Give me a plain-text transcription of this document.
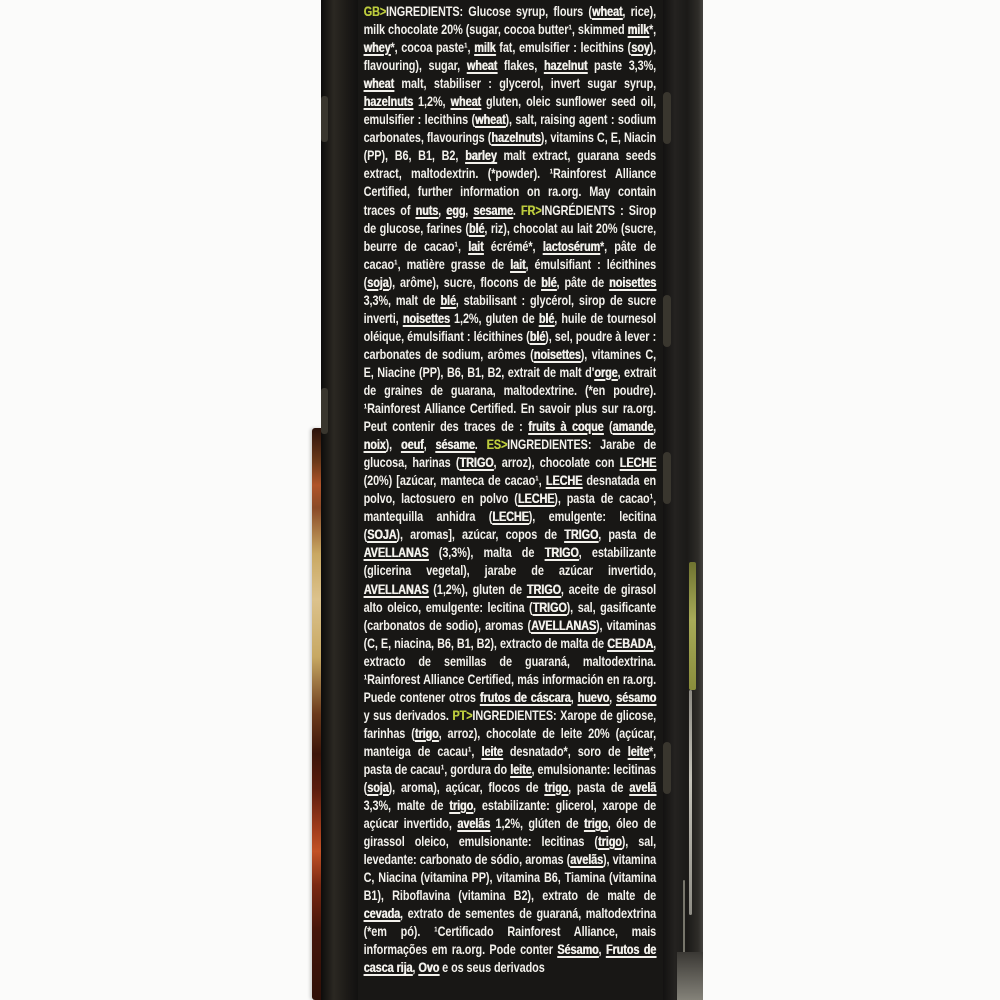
GB>INGREDIENTS: Glucose syrup, flours (wheat, rice), milk chocolate 20% (sugar, cocoa butter¹, skimmed milk*, whey*, cocoa paste¹, milk fat, emulsifier : lecithins (soy), flavouring), sugar, wheat flakes, hazelnut paste 3,3%, wheat malt, stabiliser : glycerol, invert sugar syrup, hazelnuts 1,2%, wheat gluten, oleic sunflower seed oil, emulsifier : lecithins (wheat), salt, raising agent : sodium carbonates, flavourings (hazelnuts), vitamins C, E, Niacin (PP), B6, B1, B2, barley malt extract, guarana seeds extract, maltodextrin. (*powder). ¹Rainforest Alliance Certified, further information on ra.org. May contain traces of nuts, egg, sesame. FR>INGRÉDIENTS : Sirop de glucose, farines (blé, riz), chocolat au lait 20% (sucre, beurre de cacao¹, lait écrémé*, lactosérum*, pâte de cacao¹, matière grasse de lait, émulsifiant : lécithines (soja), arôme), sucre, flocons de blé, pâte de noisettes 3,3%, malt de blé, stabilisant : glycérol, sirop de sucre inverti, noisettes 1,2%, gluten de blé, huile de tournesol oléique, émulsifiant : lécithines (blé), sel, poudre à lever : carbonates de sodium, arômes (noisettes), vitamines C, E, Niacine (PP), B6, B1, B2, extrait de malt d'orge, extrait de graines de guarana, maltodextrine. (*en poudre). ¹Rainforest Alliance Certified. En savoir plus sur ra.org. Peut contenir des traces de : fruits à coque (amande, noix), oeuf, sésame. ES>INGREDIENTES: Jarabe de glucosa, harinas (TRIGO, arroz), chocolate con LECHE (20%) [azúcar, manteca de cacao¹, LECHE desnatada en polvo, lactosuero en polvo (LECHE), pasta de cacao¹, mantequilla anhidra (LECHE), emulgente: lecitina (SOJA), aromas], azúcar, copos de TRIGO, pasta de AVELLANAS (3,3%), malta de TRIGO, estabilizante (glicerina vegetal), jarabe de azúcar invertido, AVELLANAS (1,2%), gluten de TRIGO, aceite de girasol alto oleico, emulgente: lecitina (TRIGO), sal, gasificante (carbonatos de sodio), aromas (AVELLANAS), vitaminas (C, E, niacina, B6, B1, B2), extracto de malta de CEBADA, extracto de semillas de guaraná, maltodextrina. ¹Rainforest Alliance Certified, más información en ra.org. Puede contener otros frutos de cáscara, huevo, sésamo y sus derivados. PT>INGREDIENTES: Xarope de glicose, farinhas (trigo, arroz), chocolate de leite 20% (açúcar, manteiga de cacau¹, leite desnatado*, soro de leite*, pasta de cacau¹, gordura do leite, emulsionante: lecitinas (soja), aroma), açúcar, flocos de trigo, pasta de avelã 3,3%, malte de trigo, estabilizante: glicerol, xarope de açúcar invertido, avelãs 1,2%, glúten de trigo, óleo de girassol oleico, emulsionante: lecitinas (trigo), sal, levedante: carbonato de sódio, aromas (avelãs), vitamina C, Niacina (vitamina PP), vitamina B6, Tiamina (vitamina B1), Riboflavina (vitamina B2), extrato de malte de cevada, extrato de sementes de guaraná, maltodextrina (*em pó). ¹Certificado Rainforest Alliance, mais informações em ra.org. Pode conter Sésamo, Frutos de casca rija, Ovo e os seus derivados
